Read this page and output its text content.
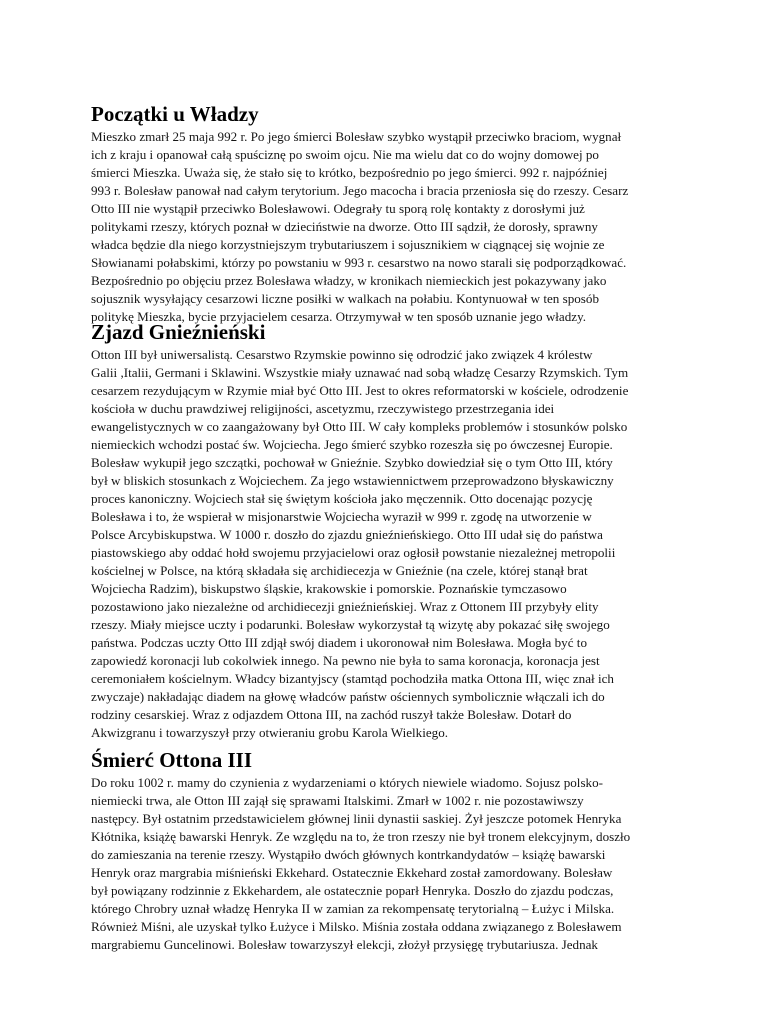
Początki u Władzy

Mieszko zmarł 25 maja 992 r. Po jego śmierci Bolesław szybko wystąpił przeciwko braciom, wygnał
ich z kraju i opanował całą spuściznę po swoim ojcu. Nie ma wielu dat co do wojny domowej po
śmierci Mieszka. Uważa się, że stało się to krótko, bezpośrednio po jego śmierci. 992 r. najpóźniej
993 r. Bolesław panował nad całym terytorium. Jego macocha i bracia przeniosła się do rzeszy. Cesarz
Otto III nie wystąpił przeciwko Bolesławowi. Odegrały tu sporą rolę kontakty z dorosłymi już
politykami rzeszy, których poznał w dzieciństwie na dworze. Otto III sądził, że dorosły, sprawny
władca będzie dla niego korzystniejszym trybutariuszem i sojusznikiem w ciągnącej się wojnie ze
Słowianami połabskimi, którzy po powstaniu w 993 r. cesarstwo na nowo starali się podporządkować.
Bezpośrednio po objęciu przez Bolesława władzy, w kronikach niemieckich jest pokazywany jako
sojusznik wysyłający cesarzowi liczne posiłki w walkach na połabiu. Kontynuował w ten sposób
politykę Mieszka, bycie przyjacielem cesarza. Otrzymywał w ten sposób uznanie jego władzy.

Zjazd Gnieźnieński

Otton III był uniwersalistą. Cesarstwo Rzymskie powinno się odrodzić jako związek 4 królestw
Galii ,Italii, Germani i Sklawini. Wszystkie miały uznawać nad sobą władzę Cesarzy Rzymskich. Tym
cesarzem rezydującym w Rzymie miał być Otto III. Jest to okres reformatorski w kościele, odrodzenie
kościoła w duchu prawdziwej religijności, ascetyzmu, rzeczywistego przestrzegania idei
ewangelistycznych w co zaangażowany był Otto III. W cały kompleks problemów i stosunków polsko
niemieckich wchodzi postać św. Wojciecha. Jego śmierć szybko rozeszła się po ówczesnej Europie.
Bolesław wykupił jego szczątki, pochował w Gnieźnie. Szybko dowiedział się o tym Otto III, który
był w bliskich stosunkach z Wojciechem. Za jego wstawiennictwem przeprowadzono błyskawiczny
proces kanoniczny. Wojciech stał się świętym kościoła jako męczennik. Otto docenając pozycję
Bolesława i to, że wspierał w misjonarstwie Wojciecha wyraził w 999 r. zgodę na utworzenie w
Polsce Arcybiskupstwa. W 1000 r. doszło do zjazdu gnieźnieńskiego. Otto III udał się do państwa
piastowskiego aby oddać hołd swojemu przyjacielowi oraz ogłosił powstanie niezależnej metropolii
kościelnej w Polsce, na którą składała się archidiecezja w Gnieźnie (na czele, której stanął brat
Wojciecha Radzim), biskupstwo śląskie, krakowskie i pomorskie. Poznańskie tymczasowo
pozostawiono jako niezależne od archidiecezji gnieźnieńskiej. Wraz z Ottonem III przybyły elity
rzeszy. Miały miejsce uczty i podarunki. Bolesław wykorzystał tą wizytę aby pokazać siłę swojego
państwa. Podczas uczty Otto III zdjął swój diadem i ukoronował nim Bolesława. Mogła być to
zapowiedź koronacji lub cokolwiek innego. Na pewno nie była to sama koronacja, koronacja jest
ceremoniałem kościelnym. Władcy bizantyjscy (stamtąd pochodziła matka Ottona III, więc znał ich
zwyczaje) nakładając diadem na głowę władców państw ościennych symbolicznie włączali ich do
rodziny cesarskiej. Wraz z odjazdem Ottona III, na zachód ruszył także Bolesław. Dotarł do
Akwizgranu i towarzyszył przy otwieraniu grobu Karola Wielkiego.

Śmierć Ottona III

Do roku 1002 r. mamy do czynienia z wydarzeniami o których niewiele wiadomo. Sojusz polsko-
niemiecki trwa, ale Otton III zajął się sprawami Italskimi. Zmarł w 1002 r. nie pozostawiwszy
następcy. Był ostatnim przedstawicielem głównej linii dynastii saskiej. Żył jeszcze potomek Henryka
Kłótnika, książę bawarski Henryk. Ze względu na to, że tron rzeszy nie był tronem elekcyjnym, doszło
do zamieszania na terenie rzeszy. Wystąpiło dwóch głównych kontrkandydatów – książę bawarski
Henryk oraz margrabia miśnieński Ekkehard. Ostatecznie Ekkehard został zamordowany. Bolesław
był powiązany rodzinnie z Ekkehardem, ale ostatecznie poparł Henryka. Doszło do zjazdu podczas,
którego Chrobry uznał władzę Henryka II w zamian za rekompensatę terytorialną – Łużyc i Milska.
Również Miśni, ale uzyskał tylko Łużyce i Milsko. Miśnia została oddana związanego z Bolesławem
margrabiemu Guncelinowi. Bolesław towarzyszył elekcji, złożył przysięgę trybutariusza. Jednak
